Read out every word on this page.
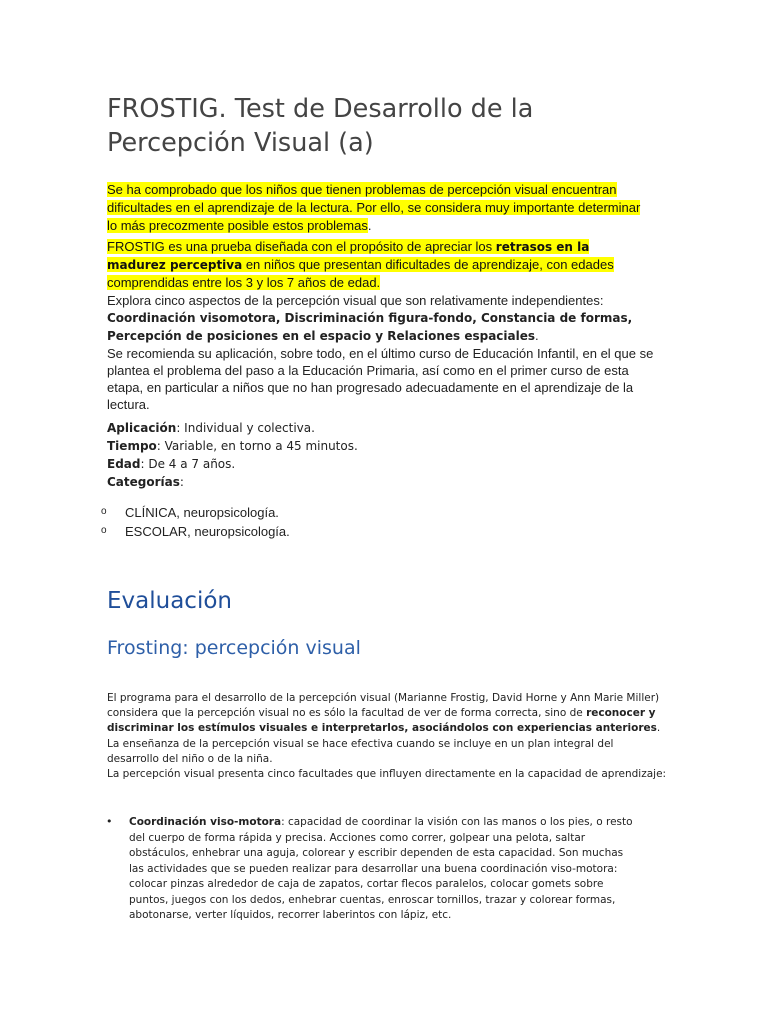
FROSTIG. Test de Desarrollo de la Percepción Visual (a)

Se ha comprobado que los niños que tienen problemas de percepción visual encuentran dificultades en el aprendizaje de la lectura. Por ello, se considera muy importante determinar lo más precozmente posible estos problemas.

FROSTIG es una prueba diseñada con el propósito de apreciar los retrasos en la madurez perceptiva en niños que presentan dificultades de aprendizaje, con edades comprendidas entre los 3 y los 7 años de edad.

Explora cinco aspectos de la percepción visual que son relativamente independientes: Coordinación visomotora, Discriminación figura-fondo, Constancia de formas, Percepción de posiciones en el espacio y Relaciones espaciales.

Se recomienda su aplicación, sobre todo, en el último curso de Educación Infantil, en el que se plantea el problema del paso a la Educación Primaria, así como en el primer curso de esta etapa, en particular a niños que no han progresado adecuadamente en el aprendizaje de la lectura.

Aplicación: Individual y colectiva.
Tiempo: Variable, en torno a 45 minutos.
Edad: De 4 a 7 años.
Categorías:
o CLÍNICA, neuropsicología.
o ESCOLAR, neuropsicología.
Evaluación
Frosting: percepción visual

El programa para el desarrollo de la percepción visual (Marianne Frostig, David Horne y Ann Marie Miller) considera que la percepción visual no es sólo la facultad de ver de forma correcta, sino de reconocer y discriminar los estímulos visuales e interpretarlos, asociándolos con experiencias anteriores. La enseñanza de la percepción visual se hace efectiva cuando se incluye en un plan integral del desarrollo del niño o de la niña.

La percepción visual presenta cinco facultades que influyen directamente en la capacidad de aprendizaje:

• Coordinación viso-motora: capacidad de coordinar la visión con las manos o los pies, o resto del cuerpo de forma rápida y precisa. Acciones como correr, golpear una pelota, saltar obstáculos, enhebrar una aguja, colorear y escribir dependen de esta capacidad. Son muchas las actividades que se pueden realizar para desarrollar una buena coordinación viso-motora: colocar pinzas alrededor de caja de zapatos, cortar flecos paralelos, colocar gomets sobre puntos, juegos con los dedos, enhebrar cuentas, enroscar tornillos, trazar y colorear formas, abotonarse, verter líquidos, recorrer laberintos con lápiz, etc.
